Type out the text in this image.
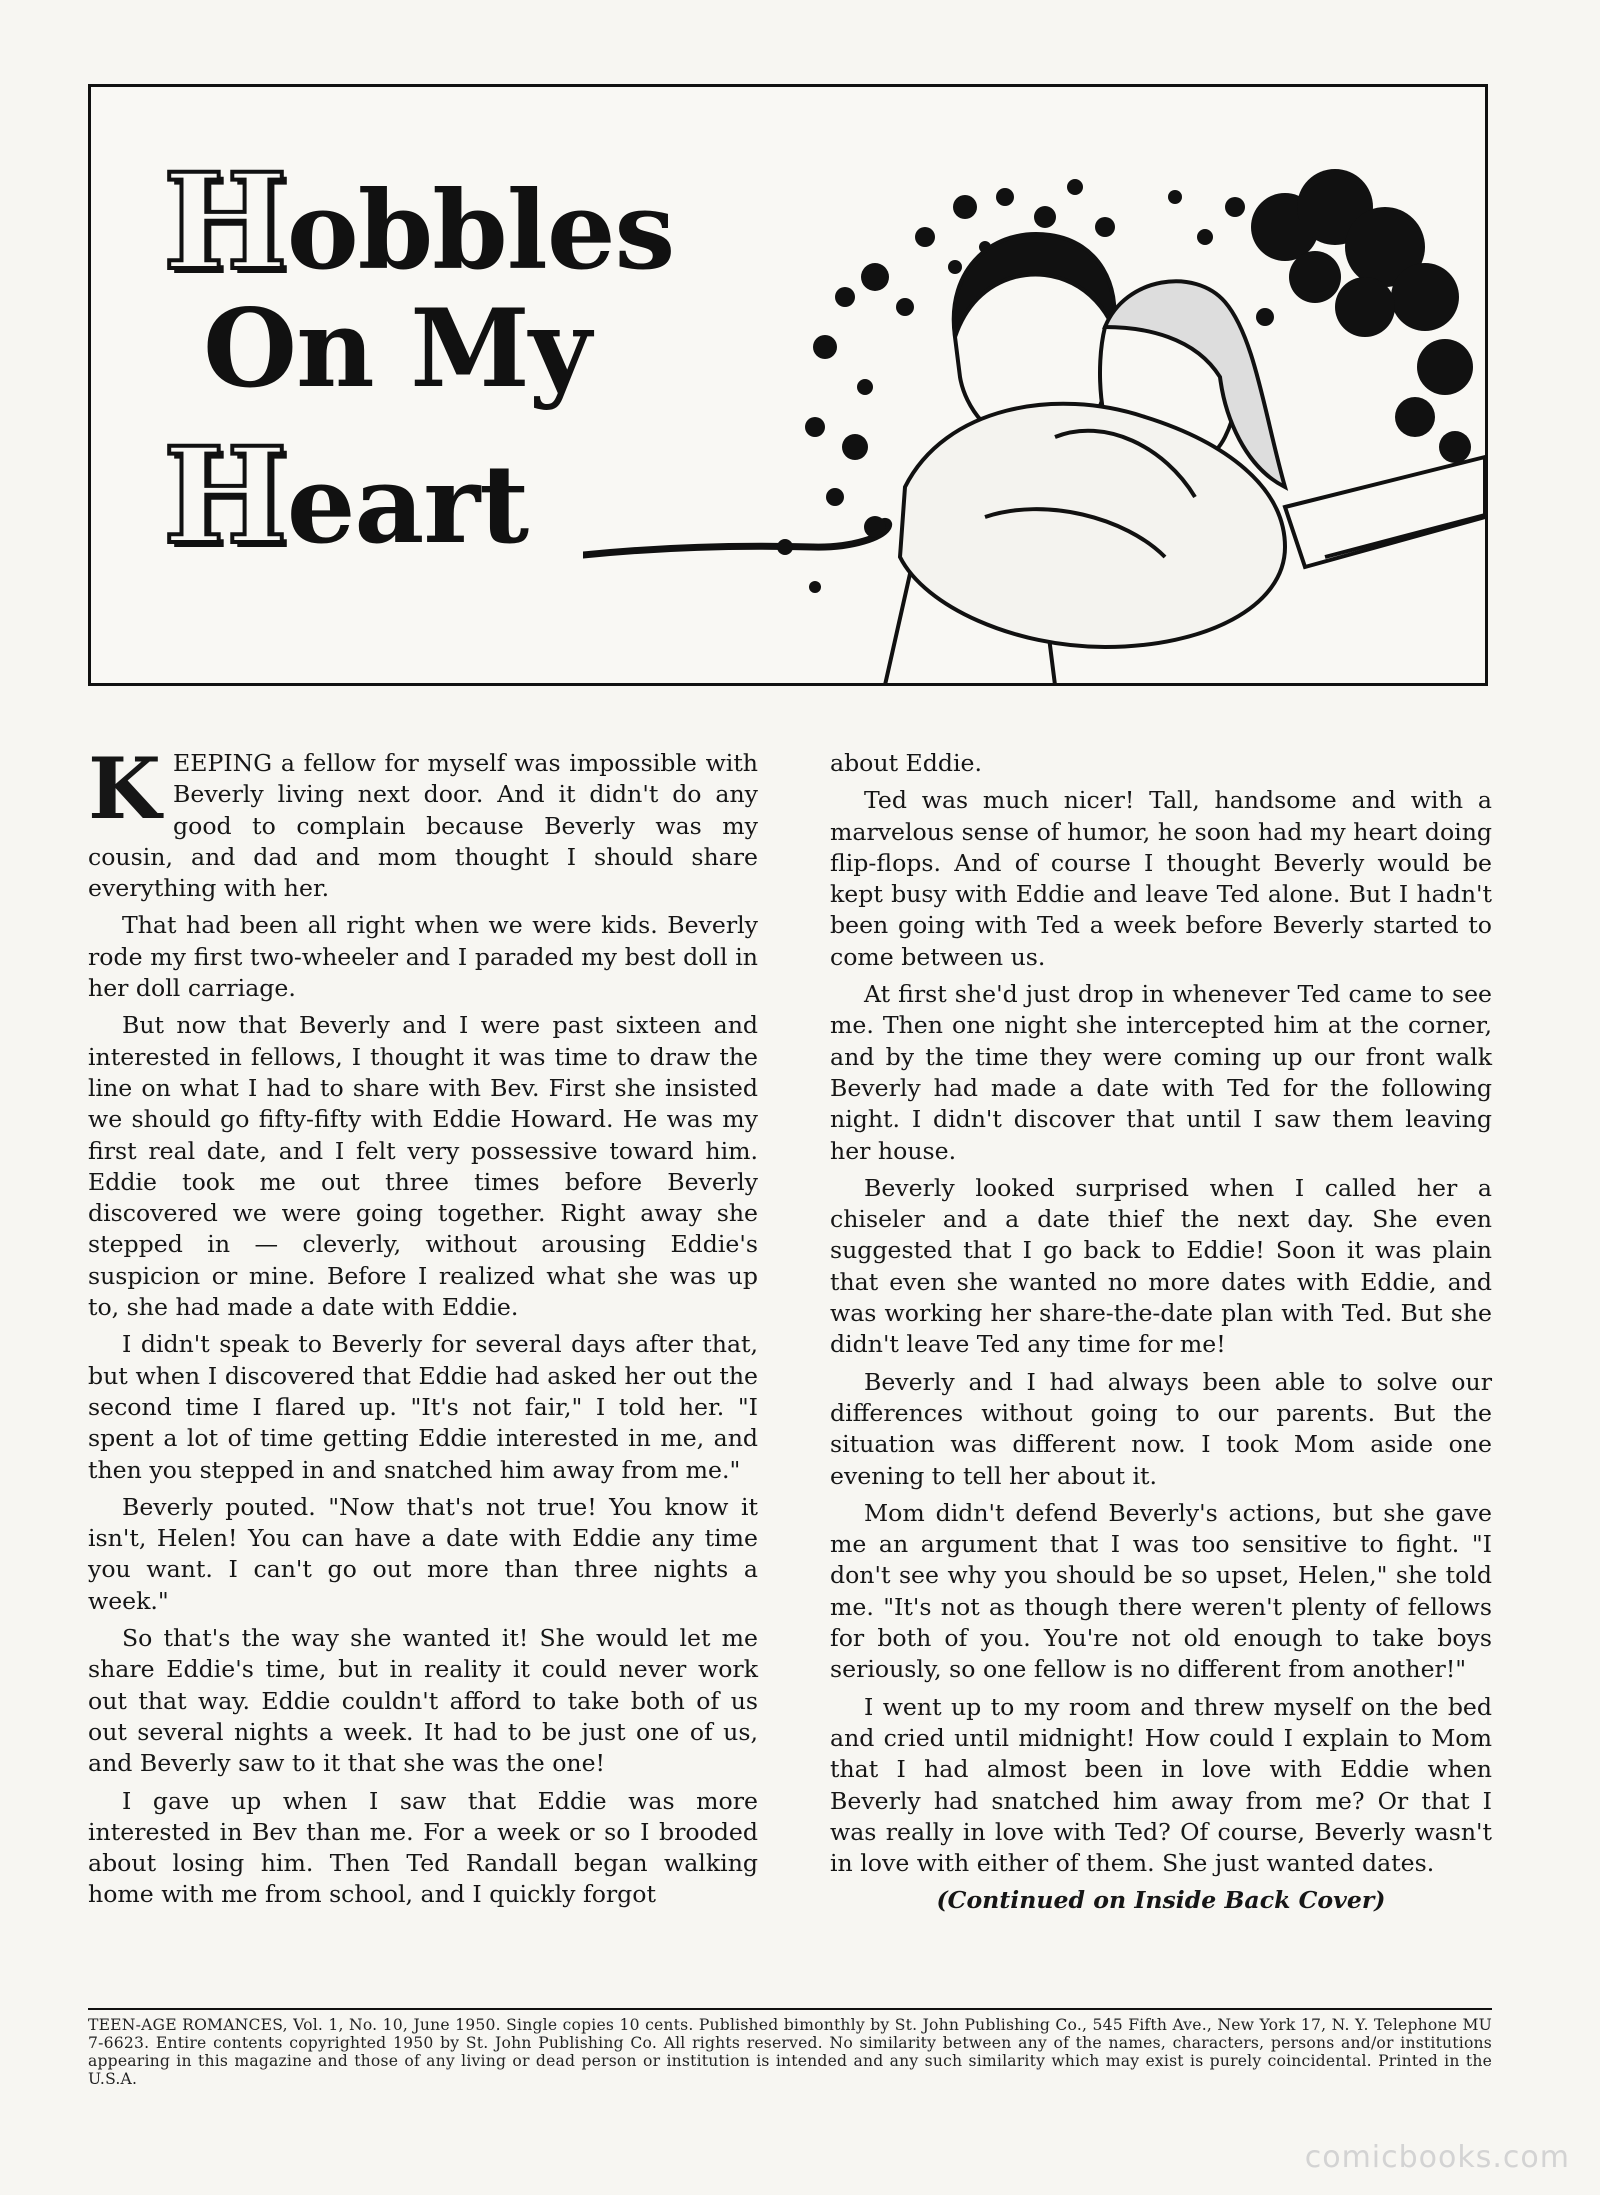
Hobbles
On My
Heart

KEEPING a fellow for myself was impossible with Beverly living next door. And it didn't do any good to complain because Beverly was my cousin, and dad and mom thought I should share everything with her.

That had been all right when we were kids. Beverly rode my first two-wheeler and I paraded my best doll in her doll carriage.

But now that Beverly and I were past sixteen and interested in fellows, I thought it was time to draw the line on what I had to share with Bev. First she insisted we should go fifty-fifty with Eddie Howard. He was my first real date, and I felt very possessive toward him. Eddie took me out three times before Beverly discovered we were going together. Right away she stepped in — cleverly, without arousing Eddie's suspicion or mine. Before I realized what she was up to, she had made a date with Eddie.

I didn't speak to Beverly for several days after that, but when I discovered that Eddie had asked her out the second time I flared up. "It's not fair," I told her. "I spent a lot of time getting Eddie interested in me, and then you stepped in and snatched him away from me."

Beverly pouted. "Now that's not true! You know it isn't, Helen! You can have a date with Eddie any time you want. I can't go out more than three nights a week."

So that's the way she wanted it! She would let me share Eddie's time, but in reality it could never work out that way. Eddie couldn't afford to take both of us out several nights a week. It had to be just one of us, and Beverly saw to it that she was the one!

I gave up when I saw that Eddie was more interested in Bev than me. For a week or so I brooded about losing him. Then Ted Randall began walking home with me from school, and I quickly forgot

about Eddie.

Ted was much nicer! Tall, handsome and with a marvelous sense of humor, he soon had my heart doing flip-flops. And of course I thought Beverly would be kept busy with Eddie and leave Ted alone. But I hadn't been going with Ted a week before Beverly started to come between us.

At first she'd just drop in whenever Ted came to see me. Then one night she intercepted him at the corner, and by the time they were coming up our front walk Beverly had made a date with Ted for the following night. I didn't discover that until I saw them leaving her house.

Beverly looked surprised when I called her a chiseler and a date thief the next day. She even suggested that I go back to Eddie! Soon it was plain that even she wanted no more dates with Eddie, and was working her share-the-date plan with Ted. But she didn't leave Ted any time for me!

Beverly and I had always been able to solve our differences without going to our parents. But the situation was different now. I took Mom aside one evening to tell her about it.

Mom didn't defend Beverly's actions, but she gave me an argument that I was too sensitive to fight. "I don't see why you should be so upset, Helen," she told me. "It's not as though there weren't plenty of fellows for both of you. You're not old enough to take boys seriously, so one fellow is no different from another!"

I went up to my room and threw myself on the bed and cried until midnight! How could I explain to Mom that I had almost been in love with Eddie when Beverly had snatched him away from me? Or that I was really in love with Ted? Of course, Beverly wasn't in love with either of them. She just wanted dates.

(Continued on Inside Back Cover)

TEEN-AGE ROMANCES, Vol. 1, No. 10, June 1950. Single copies 10 cents. Published bimonthly by St. John Publishing Co., 545 Fifth Ave., New York 17, N. Y. Telephone MU 7-6623. Entire contents copyrighted 1950 by St. John Publishing Co. All rights reserved. No similarity between any of the names, characters, persons and/or institutions appearing in this magazine and those of any living or dead person or institution is intended and any such similarity which may exist is purely coincidental. Printed in the U.S.A.
comicbooks.com
